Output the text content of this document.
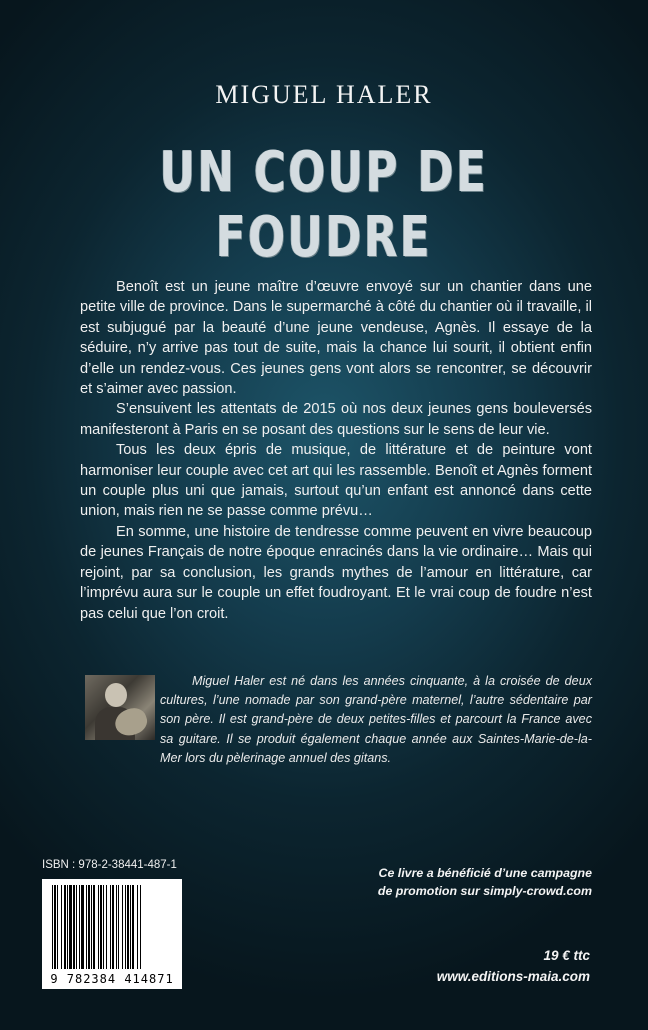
MIGUEL HALER
UN COUP DE FOUDRE

Benoît est un jeune maître d’œuvre envoyé sur un chantier dans une petite ville de province. Dans le supermarché à côté du chantier où il travaille, il est subjugué par la beauté d’une jeune vendeuse, Agnès. Il essaye de la séduire, n’y arrive pas tout de suite, mais la chance lui sourit, il obtient enfin d’elle un rendez-vous. Ces jeunes gens vont alors se rencontrer, se découvrir et s’aimer avec passion.

S’ensuivent les attentats de 2015 où nos deux jeunes gens bouleversés manifesteront à Paris en se posant des questions sur le sens de leur vie.

Tous les deux épris de musique, de littérature et de peinture vont harmoniser leur couple avec cet art qui les rassemble. Benoît et Agnès forment un couple plus uni que jamais, surtout qu’un enfant est annoncé dans cette union, mais rien ne se passe comme prévu…

En somme, une histoire de tendresse comme peuvent en vivre beaucoup de jeunes Français de notre époque enracinés dans la vie ordinaire… Mais qui rejoint, par sa conclusion, les grands mythes de l’amour en littérature, car l’imprévu aura sur le couple un effet foudroyant. Et le vrai coup de foudre n’est pas celui que l’on croit.

Miguel Haler est né dans les années cinquante, à la croisée de deux cultures, l’une nomade par son grand-père maternel, l’autre sédentaire par son père. Il est grand-père de deux petites-filles et parcourt la France avec sa guitare. Il se produit également chaque année aux Saintes-Marie-de-la-Mer lors du pèlerinage annuel des gitans.

ISBN : 978-2-38441-487-1
9 782384 414871
Ce livre a bénéficié d’une campagne
de promotion sur simply-crowd.com
19 € ttc
www.editions-maia.com
